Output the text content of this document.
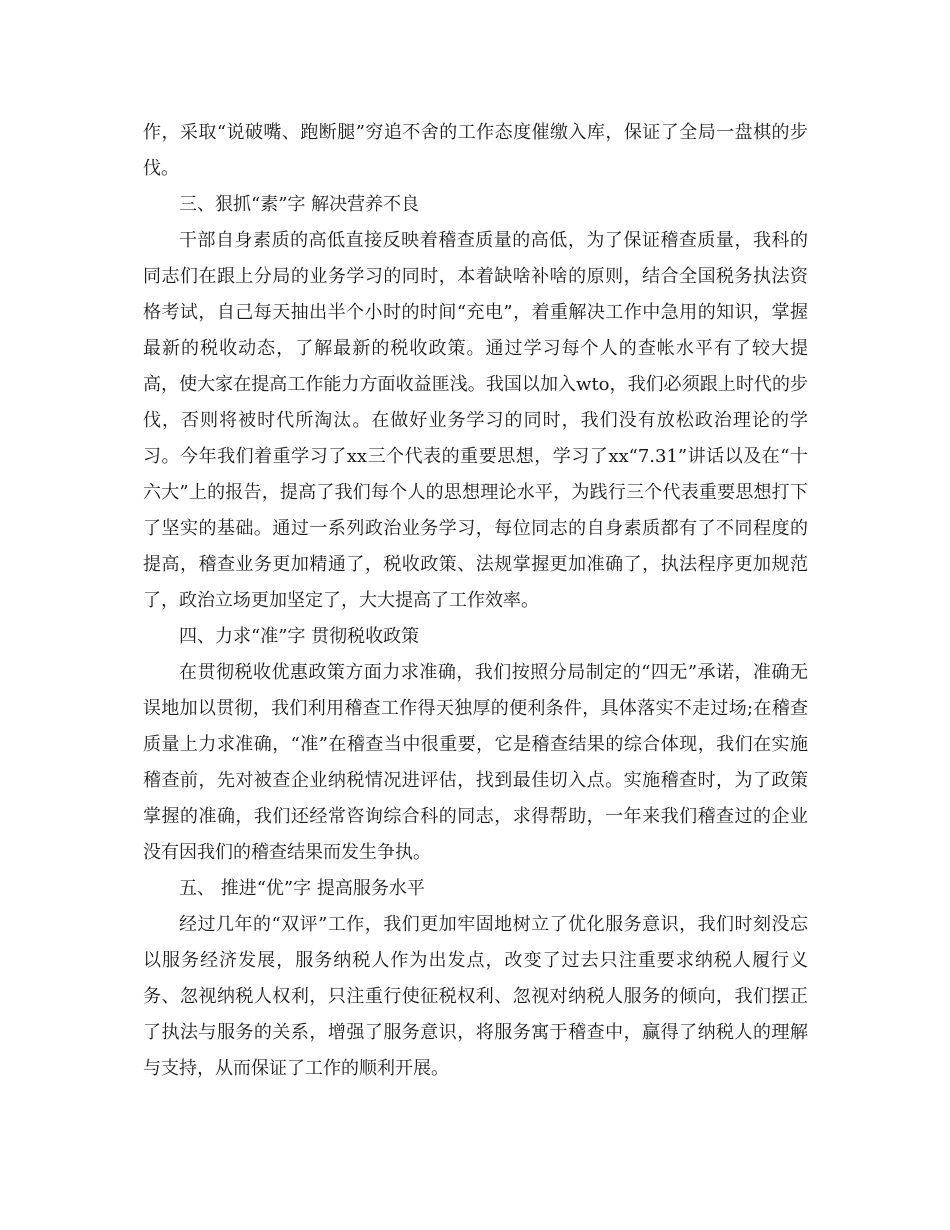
作，采取“说破嘴、跑断腿”穷追不舍的工作态度催缴入库，保证了全局一盘棋的步伐。

三、狠抓“素”字 解决营养不良

干部自身素质的高低直接反映着稽查质量的高低，为了保证稽查质量，我科的同志们在跟上分局的业务学习的同时，本着缺啥补啥的原则，结合全国税务执法资格考试，自己每天抽出半个小时的时间“充电”，着重解决工作中急用的知识，掌握最新的税收动态，了解最新的税收政策。通过学习每个人的查帐水平有了较大提高，使大家在提高工作能力方面收益匪浅。我国以加入wto，我们必须跟上时代的步伐，否则将被时代所淘汰。在做好业务学习的同时，我们没有放松政治理论的学习。今年我们着重学习了xx三个代表的重要思想，学习了xx“7.31”讲话以及在“十六大”上的报告，提高了我们每个人的思想理论水平，为践行三个代表重要思想打下了坚实的基础。通过一系列政治业务学习，每位同志的自身素质都有了不同程度的提高，稽查业务更加精通了，税收政策、法规掌握更加准确了，执法程序更加规范了，政治立场更加坚定了，大大提高了工作效率。

四、力求“准”字 贯彻税收政策

在贯彻税收优惠政策方面力求准确，我们按照分局制定的“四无”承诺，准确无误地加以贯彻，我们利用稽查工作得天独厚的便利条件，具体落实不走过场;在稽查质量上力求准确，“准”在稽查当中很重要，它是稽查结果的综合体现，我们在实施稽查前，先对被查企业纳税情况进评估，找到最佳切入点。实施稽查时，为了政策掌握的准确，我们还经常咨询综合科的同志，求得帮助，一年来我们稽查过的企业没有因我们的稽查结果而发生争执。

五、 推进“优”字 提高服务水平

经过几年的“双评”工作，我们更加牢固地树立了优化服务意识，我们时刻没忘以服务经济发展，服务纳税人作为出发点，改变了过去只注重要求纳税人履行义务、忽视纳税人权利，只注重行使征税权利、忽视对纳税人服务的倾向，我们摆正了执法与服务的关系，增强了服务意识，将服务寓于稽查中，赢得了纳税人的理解与支持，从而保证了工作的顺利开展。
